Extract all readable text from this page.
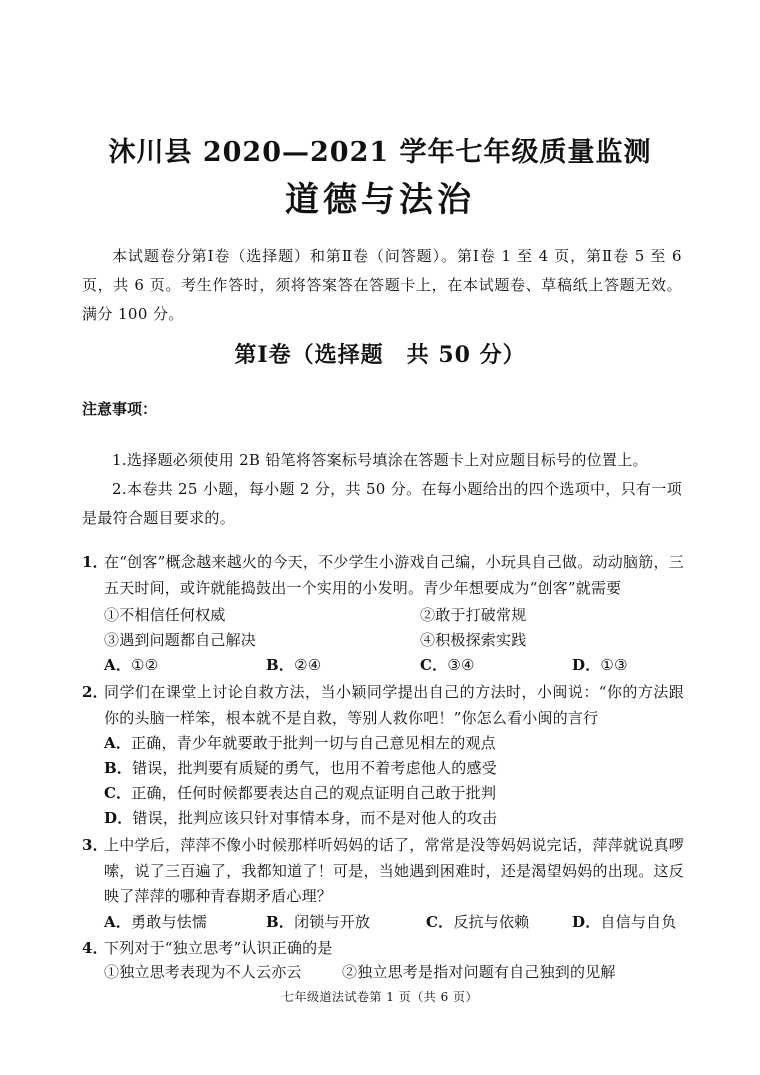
沐川县 2020—2021 学年七年级质量监测
道德与法治
本试题卷分第Ⅰ卷（选择题）和第Ⅱ卷（问答题）。第Ⅰ卷 1 至 4 页，第Ⅱ卷 5 至 6 页，共 6 页。考生作答时，须将答案答在答题卡上，在本试题卷、草稿纸上答题无效。满分 100 分。
第Ⅰ卷（选择题　共 50 分）
注意事项：
1.选择题必须使用 2B 铅笔将答案标号填涂在答题卡上对应题目标号的位置上。
2.本卷共 25 小题，每小题 2 分，共 50 分。在每小题给出的四个选项中，只有一项是最符合题目要求的。
1．
在“创客”概念越来越火的今天，不少学生小游戏自己编，小玩具自己做。动动脑筋，三五天时间，或许就能捣鼓出一个实用的小发明。青少年想要成为“创客”就需要
①不相信任何权威	②敢于打破常规
③遇到问题都自己解决	④积极探索实践
A．①②	B．②④	C．③④	D．①③
2．
同学们在课堂上讨论自救方法，当小颖同学提出自己的方法时，小闽说：“你的方法跟你的头脑一样笨，根本就不是自救，等别人救你吧！”你怎么看小闽的言行
A．正确，青少年就要敢于批判一切与自己意见相左的观点
B．错误，批判要有质疑的勇气，也用不着考虑他人的感受
C．正确，任何时候都要表达自己的观点证明自己敢于批判
D．错误，批判应该只针对事情本身，而不是对他人的攻击
3．
上中学后，萍萍不像小时候那样听妈妈的话了，常常是没等妈妈说完话，萍萍就说真啰嗦，说了三百遍了，我都知道了！可是，当她遇到困难时，还是渴望妈妈的出现。这反映了萍萍的哪种青春期矛盾心理？
A．勇敢与怯懦	B．闭锁与开放	C．反抗与依赖	D．自信与自负
4．
下列对于“独立思考”认识正确的是
①独立思考表现为不人云亦云	②独立思考是指对问题有自己独到的见解
七年级道法试卷第 1 页（共 6 页）
